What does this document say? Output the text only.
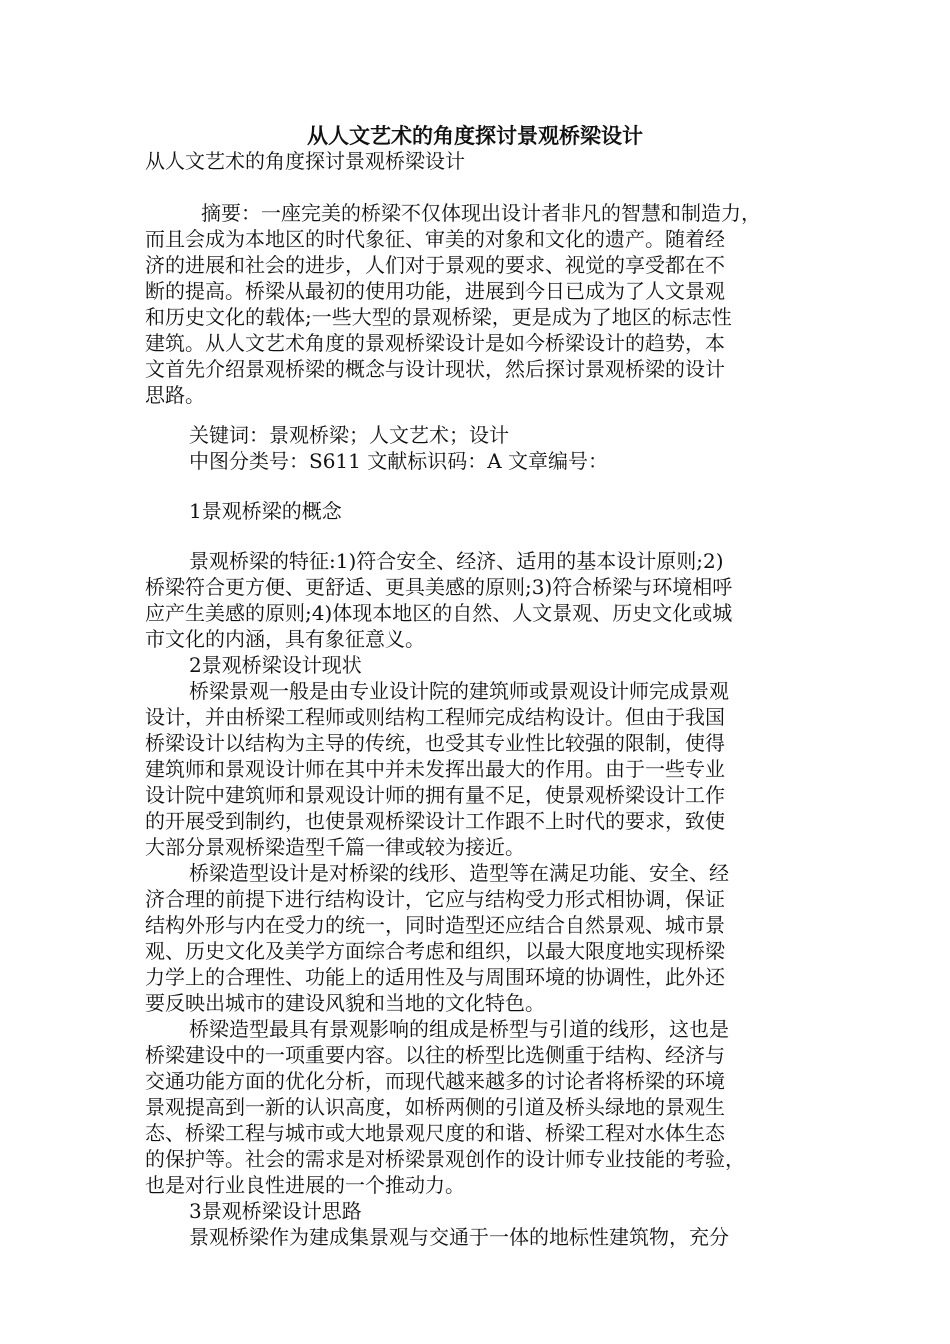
从人文艺术的角度探讨景观桥梁设计
从人文艺术的角度探讨景观桥梁设计
摘要：一座完美的桥梁不仅体现出设计者非凡的智慧和制造力，
而且会成为本地区的时代象征、审美的对象和文化的遗产。随着经
济的进展和社会的进步，人们对于景观的要求、视觉的享受都在不
断的提高。桥梁从最初的使用功能，进展到今日已成为了人文景观
和历史文化的载体;一些大型的景观桥梁，更是成为了地区的标志性
建筑。从人文艺术角度的景观桥梁设计是如今桥梁设计的趋势，本
文首先介绍景观桥梁的概念与设计现状，然后探讨景观桥梁的设计
思路。
关键词：景观桥梁；人文艺术；设计
中图分类号：S611 文献标识码：A 文章编号：
1景观桥梁的概念
景观桥梁的特征:1)符合安全、经济、适用的基本设计原则;2)
桥梁符合更方便、更舒适、更具美感的原则;3)符合桥梁与环境相呼
应产生美感的原则;4)体现本地区的自然、人文景观、历史文化或城
市文化的内涵，具有象征意义。
2景观桥梁设计现状
桥梁景观一般是由专业设计院的建筑师或景观设计师完成景观
设计，并由桥梁工程师或则结构工程师完成结构设计。但由于我国
桥梁设计以结构为主导的传统，也受其专业性比较强的限制，使得
建筑师和景观设计师在其中并未发挥出最大的作用。由于一些专业
设计院中建筑师和景观设计师的拥有量不足，使景观桥梁设计工作
的开展受到制约，也使景观桥梁设计工作跟不上时代的要求，致使
大部分景观桥梁造型千篇一律或较为接近。
桥梁造型设计是对桥梁的线形、造型等在满足功能、安全、经
济合理的前提下进行结构设计，它应与结构受力形式相协调，保证
结构外形与内在受力的统一，同时造型还应结合自然景观、城市景
观、历史文化及美学方面综合考虑和组织，以最大限度地实现桥梁
力学上的合理性、功能上的适用性及与周围环境的协调性，此外还
要反映出城市的建设风貌和当地的文化特色。
桥梁造型最具有景观影响的组成是桥型与引道的线形，这也是
桥梁建设中的一项重要内容。以往的桥型比选侧重于结构、经济与
交通功能方面的优化分析，而现代越来越多的讨论者将桥梁的环境
景观提高到一新的认识高度，如桥两侧的引道及桥头绿地的景观生
态、桥梁工程与城市或大地景观尺度的和谐、桥梁工程对水体生态
的保护等。社会的需求是对桥梁景观创作的设计师专业技能的考验，
也是对行业良性进展的一个推动力。
3景观桥梁设计思路
景观桥梁作为建成集景观与交通于一体的地标性建筑物，充分
